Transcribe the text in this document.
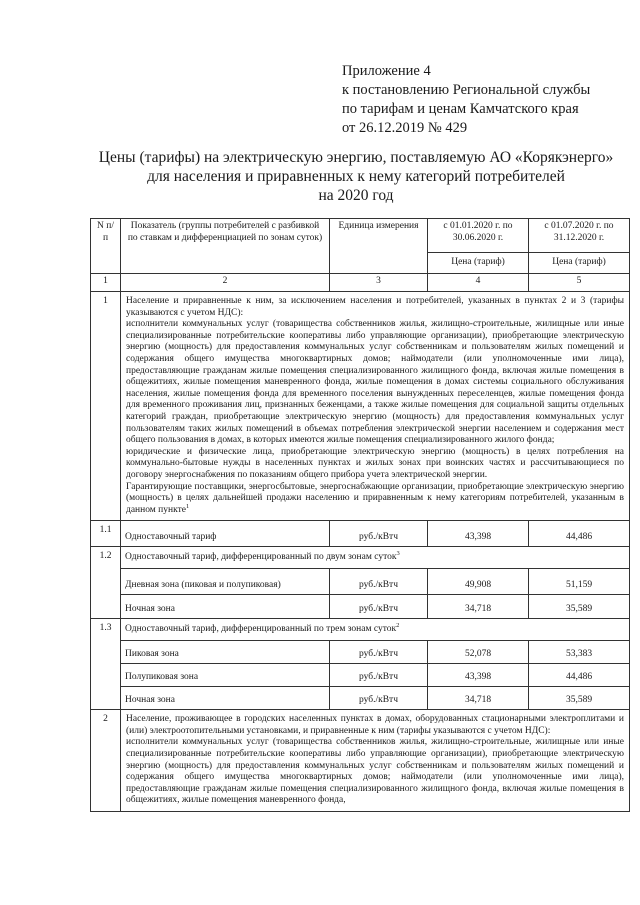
Приложение 4
к постановлению Региональной службы
по тарифам и ценам Камчатского края
от 26.12.2019 № 429
Цены (тарифы) на электрическую энергию, поставляемую АО «Корякэнерго»
для населения и приравненных к нему категорий потребителей
на 2020 год
N п/п	Показатель (группы потребителей с разбивкой по ставкам и дифференциацией по зонам суток)	Единица измерения	с 01.01.2020 г. по 30.06.2020 г.	с 01.07.2020 г. по 31.12.2020 г.
			Цена (тариф)	Цена (тариф)
1	2	3	4	5
1	Население и приравненные к ним, за исключением населения и потребителей, указанных в пунктах 2 и 3 (тарифы указываются с учетом НДС):

исполнители коммунальных услуг (товарищества собственников жилья, жилищно-строительные, жилищные или иные специализированные потребительские кооперативы либо управляющие организации), приобретающие электрическую энергию (мощность) для предоставления коммунальных услуг собственникам и пользователям жилых помещений и содержания общего имущества многоквартирных домов; наймодатели (или уполномоченные ими лица), предоставляющие гражданам жилые помещения специализированного жилищного фонда, включая жилые помещения в общежитиях, жилые помещения маневренного фонда, жилые помещения в домах системы социального обслуживания населения, жилые помещения фонда для временного поселения вынужденных переселенцев, жилые помещения фонда для временного проживания лиц, признанных беженцами, а также жилые помещения для социальной защиты отдельных категорий граждан, приобретающие электрическую энергию (мощность) для предоставления коммунальных услуг пользователям таких жилых помещений в объемах потребления электрической энергии населением и содержания мест общего пользования в домах, в которых имеются жилые помещения специализированного жилого фонда;

юридические и физические лица, приобретающие электрическую энергию (мощность) в целях потребления на коммунально-бытовые нужды в населенных пунктах и жилых зонах при воинских частях и рассчитывающиеся по договору энергоснабжения по показаниям общего прибора учета электрической энергии.

Гарантирующие поставщики, энергосбытовые, энергоснабжающие организации, приобретающие электрическую энергию (мощность) в целях дальнейшей продажи населению и приравненным к нему категориям потребителей, указанным в данном пункте$^1$

1.1	Одноставочный тариф	руб./кВтч	43,398	44,486
1.2	Одноставочный тариф, дифференцированный по двум зонам суток$^3$
	Дневная зона (пиковая и полупиковая)	руб./кВтч	49,908	51,159
	Ночная зона	руб./кВтч	34,718	35,589
1.3	Одноставочный тариф, дифференцированный по трем зонам суток$^2$
	Пиковая зона	руб./кВтч	52,078	53,383
	Полупиковая зона	руб./кВтч	43,398	44,486
	Ночная зона	руб./кВтч	34,718	35,589
2	Население, проживающее в городских населенных пунктах в домах, оборудованных стационарными электроплитами и (или) электроотопительными установками, и приравненные к ним (тарифы указываются с учетом НДС):

исполнители коммунальных услуг (товарищества собственников жилья, жилищно-строительные, жилищные или иные специализированные потребительские кооперативы либо управляющие организации), приобретающие электрическую энергию (мощность) для предоставления коммунальных услуг собственникам и пользователям жилых помещений и содержания общего имущества многоквартирных домов; наймодатели (или уполномоченные ими лица), предоставляющие гражданам жилые помещения специализированного жилищного фонда, включая жилые помещения в общежитиях, жилые помещения маневренного фонда,			
